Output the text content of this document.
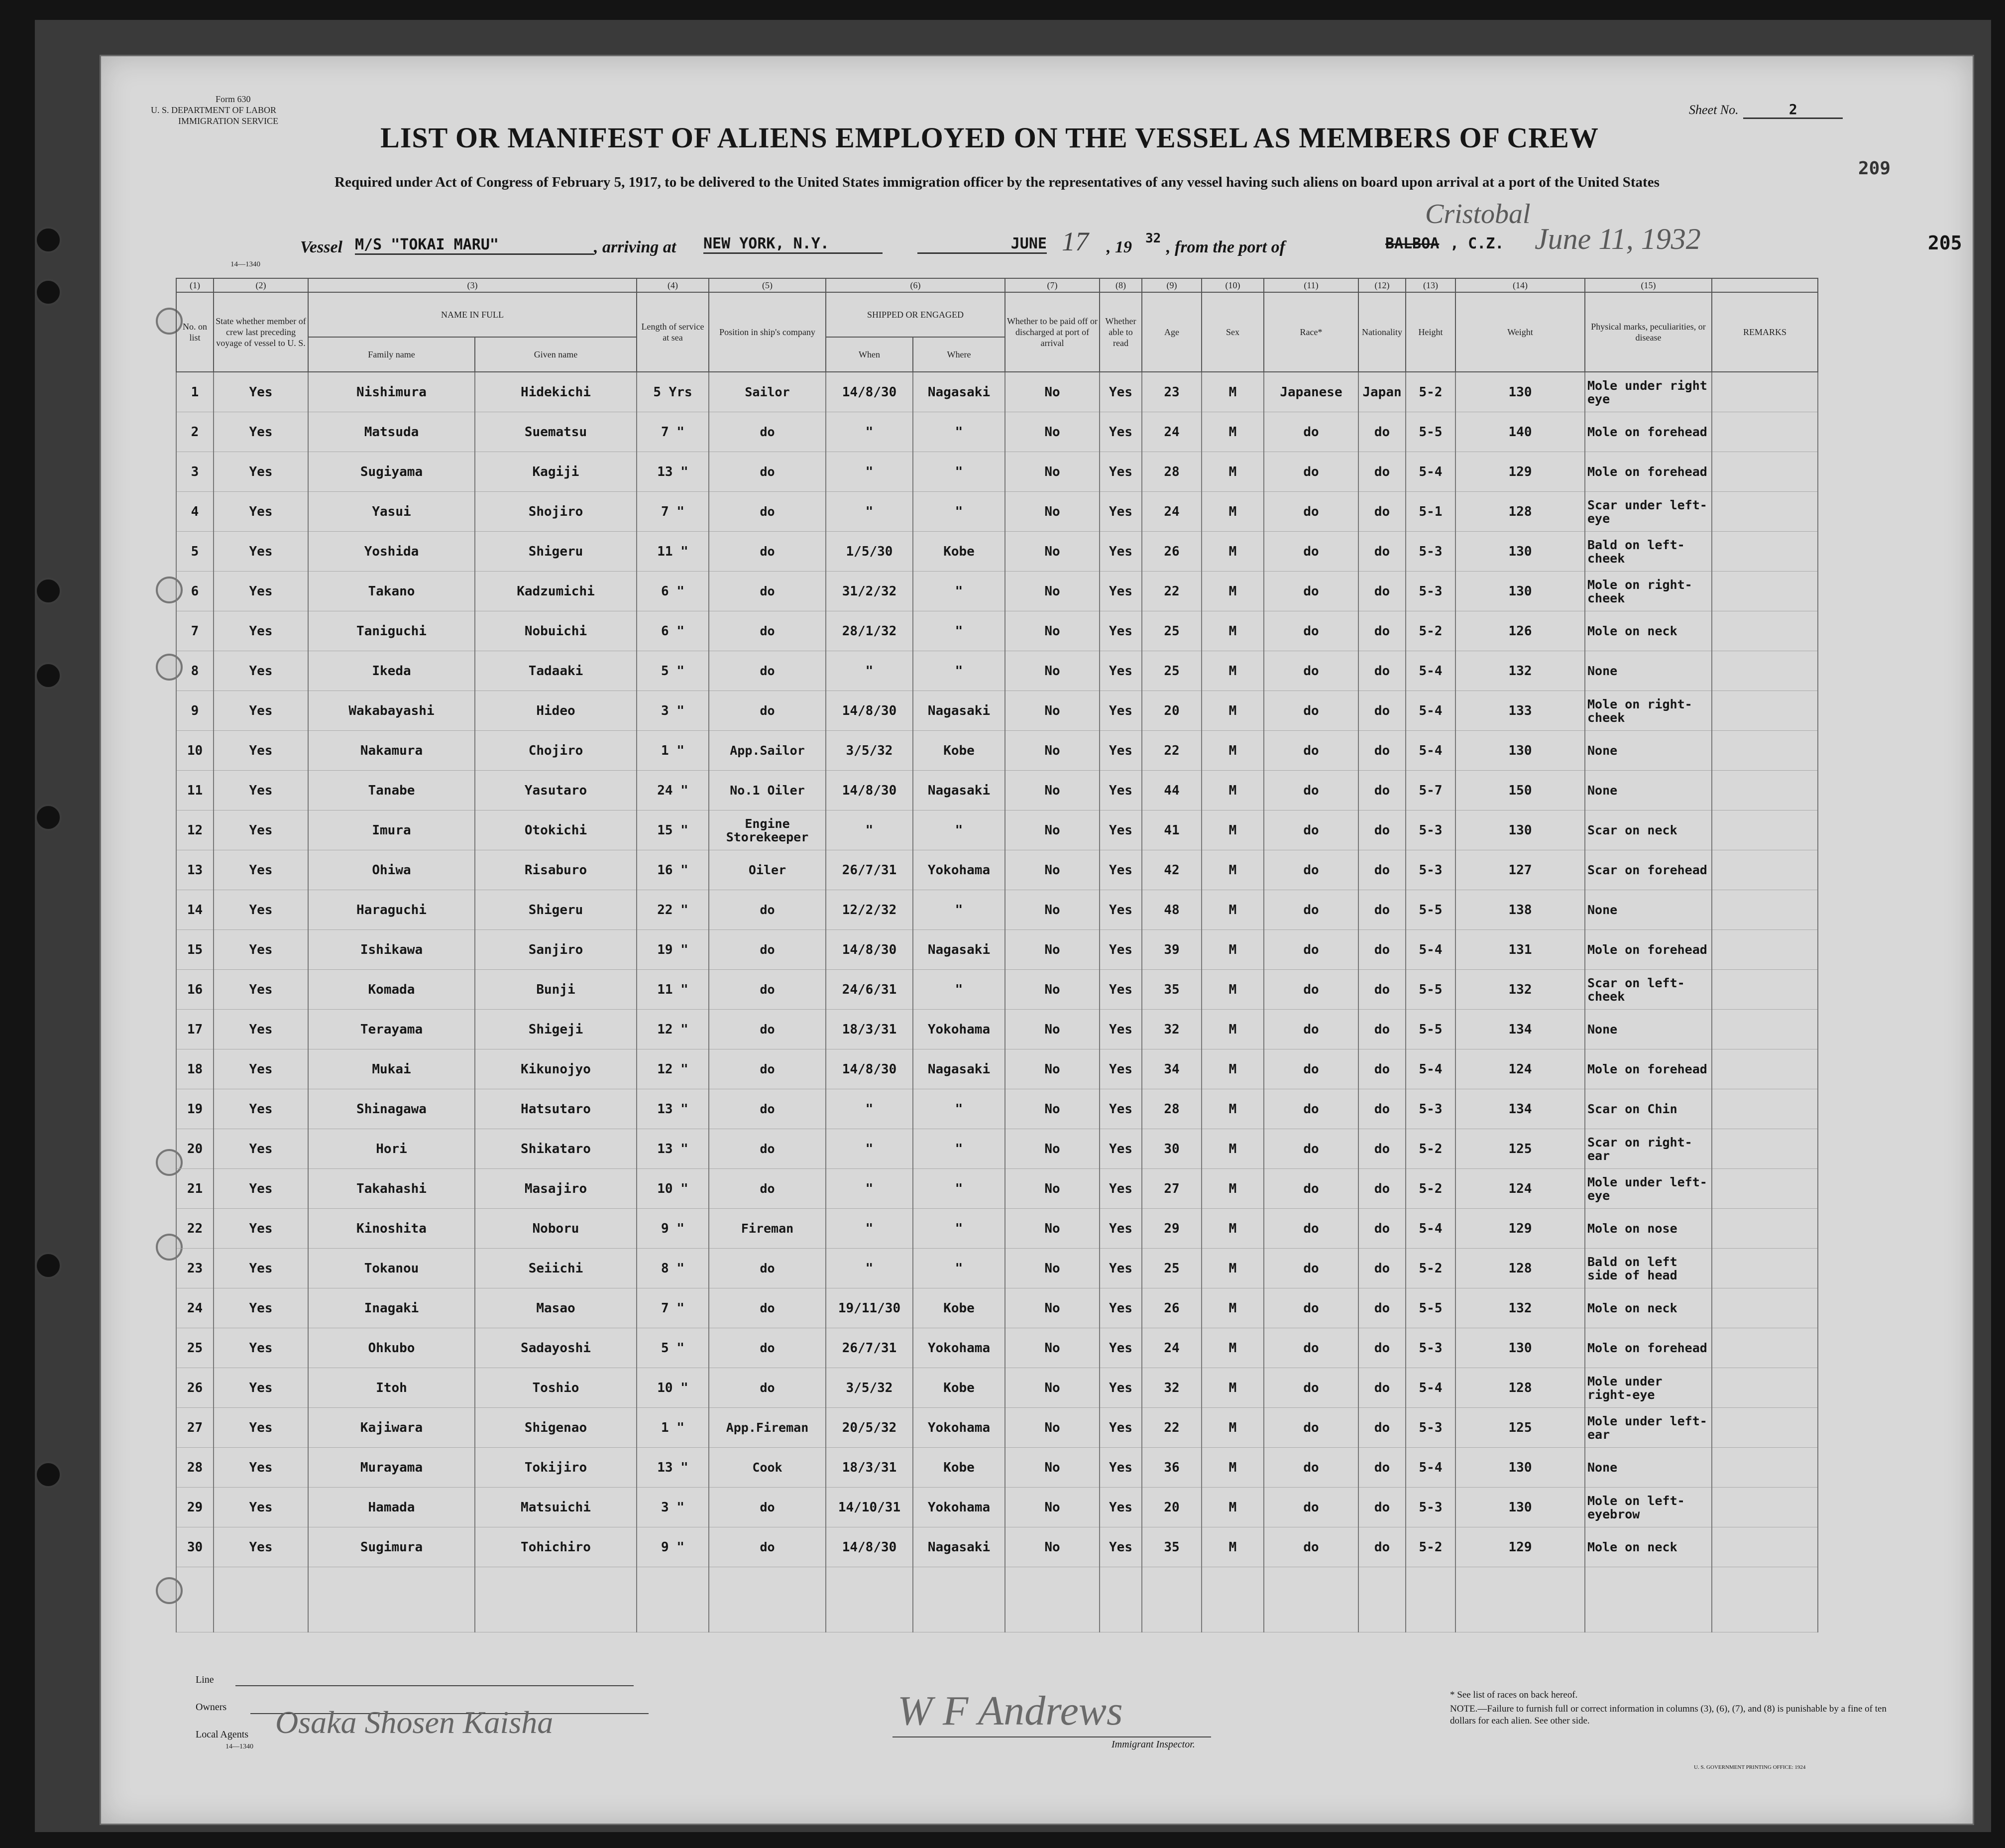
Form 630
U. S. DEPARTMENT OF LABOR
IMMIGRATION SERVICE
Sheet No.	2
209
LIST OR MANIFEST OF ALIENS EMPLOYED ON THE VESSEL AS MEMBERS OF CREW
Required under Act of Congress of February 5, 1917, to be delivered to the United States immigration officer by the representatives of any vessel having such aliens on board upon arrival at a port of the United States
Vessel M/S "TOKAI MARU"	, arriving at NEW YORK, N.Y.	JUNE 17 , 19 32 , from the port of
Cristobal
BALBOA , C.Z. June 11, 1932	205
14—1340
(1)	(2)	(3)		(4)	(5)	(6)		(7)	(8)	(9)	(10)	(11)	(12)	(13)	(14)	(15)	
No. on list	State whether member of crew last preceding voyage of vessel to U. S.	NAME IN FULL		Length of service at sea	Position in ship's company	SHIPPED OR ENGAGED		Whether to be paid off or discharged at port of arrival	Whether able to read	Age	Sex	Race*	Nationality	Height	Weight	Physical marks, peculiarities, or disease	REMARKS
		Family name	Given name			When	Where										
1	Yes	Nishimura	Hidekichi	5 Yrs	Sailor	14/8/30	Nagasaki	No	Yes	23	M	Japanese	Japan	5-2	130	Mole under right eye	
2	Yes	Matsuda	Suematsu	7 "	do	"	"	No	Yes	24	M	do	do	5-5	140	Mole on forehead	
3	Yes	Sugiyama	Kagiji	13 "	do	"	"	No	Yes	28	M	do	do	5-4	129	Mole on forehead	
4	Yes	Yasui	Shojiro	7 "	do	"	"	No	Yes	24	M	do	do	5-1	128	Scar under left-eye	
5	Yes	Yoshida	Shigeru	11 "	do	1/5/30	Kobe	No	Yes	26	M	do	do	5-3	130	Bald on left-cheek	
6	Yes	Takano	Kadzumichi	6 "	do	31/2/32	"	No	Yes	22	M	do	do	5-3	130	Mole on right-cheek	
7	Yes	Taniguchi	Nobuichi	6 "	do	28/1/32	"	No	Yes	25	M	do	do	5-2	126	Mole on neck	
8	Yes	Ikeda	Tadaaki	5 "	do	"	"	No	Yes	25	M	do	do	5-4	132	None	
9	Yes	Wakabayashi	Hideo	3 "	do	14/8/30	Nagasaki	No	Yes	20	M	do	do	5-4	133	Mole on right-cheek	
10	Yes	Nakamura	Chojiro	1 "	App.Sailor	3/5/32	Kobe	No	Yes	22	M	do	do	5-4	130	None	
11	Yes	Tanabe	Yasutaro	24 "	No.1 Oiler	14/8/30	Nagasaki	No	Yes	44	M	do	do	5-7	150	None	
12	Yes	Imura	Otokichi	15 "	Engine Storekeeper	"	"	No	Yes	41	M	do	do	5-3	130	Scar on neck	
13	Yes	Ohiwa	Risaburo	16 "	Oiler	26/7/31	Yokohama	No	Yes	42	M	do	do	5-3	127	Scar on forehead	
14	Yes	Haraguchi	Shigeru	22 "	do	12/2/32	"	No	Yes	48	M	do	do	5-5	138	None	
15	Yes	Ishikawa	Sanjiro	19 "	do	14/8/30	Nagasaki	No	Yes	39	M	do	do	5-4	131	Mole on forehead	
16	Yes	Komada	Bunji	11 "	do	24/6/31	"	No	Yes	35	M	do	do	5-5	132	Scar on left-cheek	
17	Yes	Terayama	Shigeji	12 "	do	18/3/31	Yokohama	No	Yes	32	M	do	do	5-5	134	None	
18	Yes	Mukai	Kikunojyo	12 "	do	14/8/30	Nagasaki	No	Yes	34	M	do	do	5-4	124	Mole on forehead	
19	Yes	Shinagawa	Hatsutaro	13 "	do	"	"	No	Yes	28	M	do	do	5-3	134	Scar on Chin	
20	Yes	Hori	Shikataro	13 "	do	"	"	No	Yes	30	M	do	do	5-2	125	Scar on right-ear	
21	Yes	Takahashi	Masajiro	10 "	do	"	"	No	Yes	27	M	do	do	5-2	124	Mole under left-eye	
22	Yes	Kinoshita	Noboru	9 "	Fireman	"	"	No	Yes	29	M	do	do	5-4	129	Mole on nose	
23	Yes	Tokanou	Seiichi	8 "	do	"	"	No	Yes	25	M	do	do	5-2	128	Bald on left side of head	
24	Yes	Inagaki	Masao	7 "	do	19/11/30	Kobe	No	Yes	26	M	do	do	5-5	132	Mole on neck	
25	Yes	Ohkubo	Sadayoshi	5 "	do	26/7/31	Yokohama	No	Yes	24	M	do	do	5-3	130	Mole on forehead	
26	Yes	Itoh	Toshio	10 "	do	3/5/32	Kobe	No	Yes	32	M	do	do	5-4	128	Mole under right-eye	
27	Yes	Kajiwara	Shigenao	1 "	App.Fireman	20/5/32	Yokohama	No	Yes	22	M	do	do	5-3	125	Mole under left-ear	
28	Yes	Murayama	Tokijiro	13 "	Cook	18/3/31	Kobe	No	Yes	36	M	do	do	5-4	130	None	
29	Yes	Hamada	Matsuichi	3 "	do	14/10/31	Yokohama	No	Yes	20	M	do	do	5-3	130	Mole on left-eyebrow	
30	Yes	Sugimura	Tohichiro	9 "	do	14/8/30	Nagasaki	No	Yes	35	M	do	do	5-2	129	Mole on neck	

Line
Owners
Local Agents
14—1340
Osaka Shosen Kaisha	W F Andrews
Immigrant Inspector.
* See list of races on back hereof.
NOTE.—Failure to furnish full or correct information in columns (3), (6), (7), and (8) is punishable by a fine of ten dollars for each alien. See other side.
U. S. GOVERNMENT PRINTING OFFICE: 1924
